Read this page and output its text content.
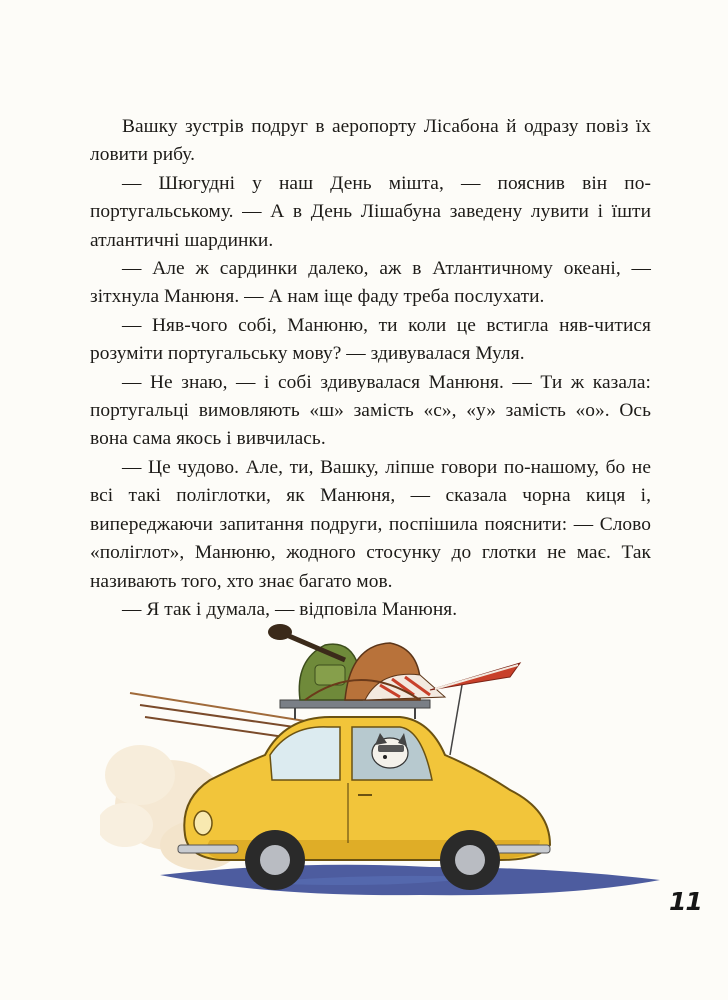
Вашку зустрів подруг в аеропорту Лісабона й одразу повіз їх ловити рибу.

— Шюгудні у наш День мішта, — пояснив він по-португальському. — А в День Лішабуна заведену лувити і їшти атлантичні шардинки.

— Але ж сардинки далеко, аж в Атлантичному океані, — зітхнула Манюня. — А нам іще фаду треба послухати.

— Няв-чого собі, Манюню, ти коли це встигла няв-читися розуміти португальську мову? — здивувалася Муля.

— Не знаю, — і собі здивувалася Манюня. — Ти ж казала: португальці вимовляють «ш» замість «с», «у» замість «о». Ось вона сама якось і вивчилась.

— Це чудово. Але, ти, Вашку, ліпше говори по-нашому, бо не всі такі поліглотки, як Манюня, — сказала чорна киця і, випереджаючи запитання подруги, поспішила пояснити: — Слово «поліглот», Манюню, жодного стосунку до глотки не має. Так називають того, хто знає багато мов.

— Я так і думала, — відповіла Манюня.

11
